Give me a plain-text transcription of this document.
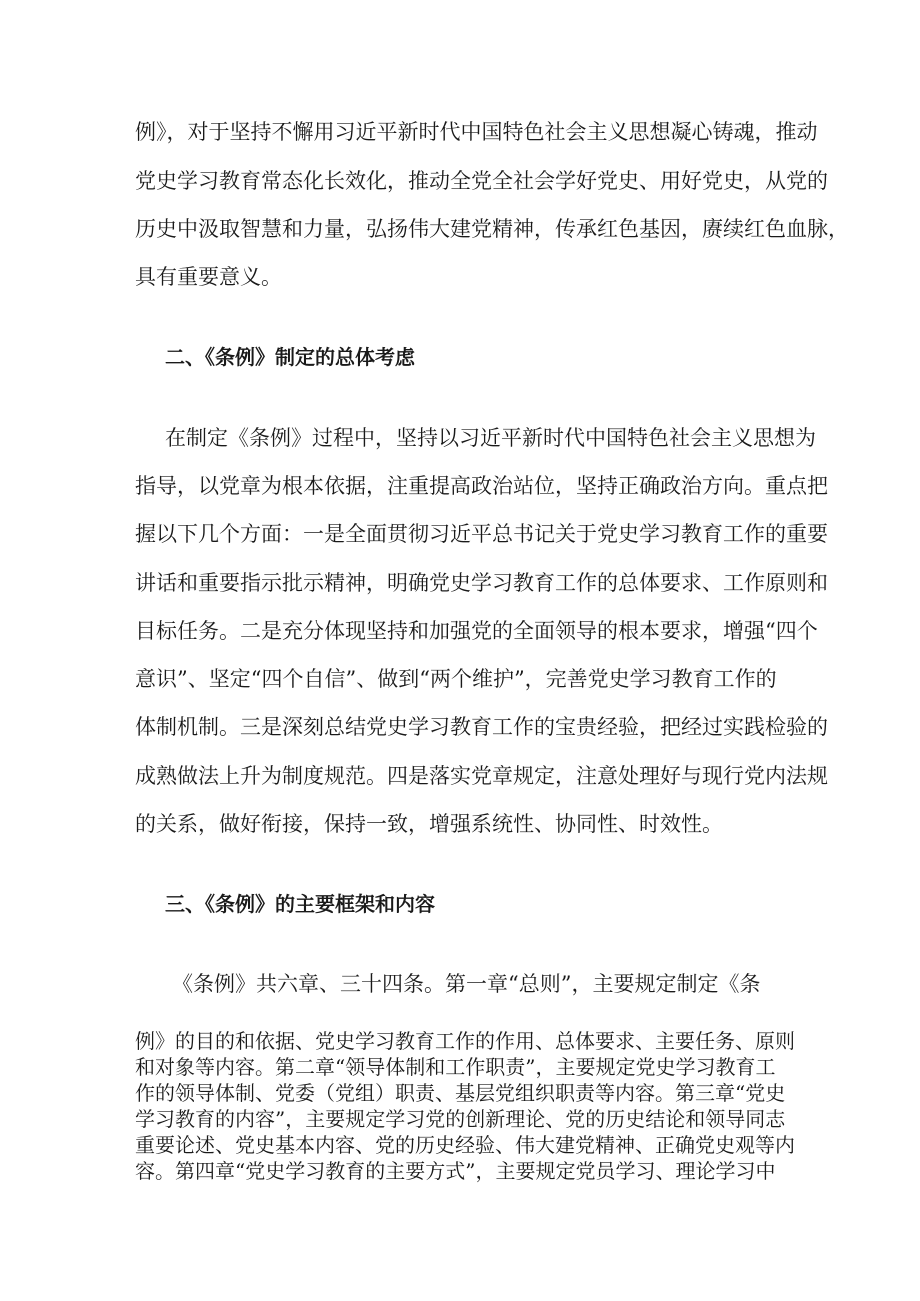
例》，对于坚持不懈用习近平新时代中国特色社会主义思想凝心铸魂，推动
党史学习教育常态化长效化，推动全党全社会学好党史、用好党史，从党的
历史中汲取智慧和力量，弘扬伟大建党精神，传承红色基因，赓续红色血脉，
具有重要意义。
二、《条例》制定的总体考虑
在制定《条例》过程中，坚持以习近平新时代中国特色社会主义思想为
指导，以党章为根本依据，注重提高政治站位，坚持正确政治方向。重点把
握以下几个方面：一是全面贯彻习近平总书记关于党史学习教育工作的重要
讲话和重要指示批示精神，明确党史学习教育工作的总体要求、工作原则和
目标任务。二是充分体现坚持和加强党的全面领导的根本要求，增强“四个
意识”、坚定“四个自信”、做到“两个维护”，完善党史学习教育工作的
体制机制。三是深刻总结党史学习教育工作的宝贵经验，把经过实践检验的
成熟做法上升为制度规范。四是落实党章规定，注意处理好与现行党内法规
的关系，做好衔接，保持一致，增强系统性、协同性、时效性。
三、《条例》的主要框架和内容
《条例》共六章、三十四条。第一章“总则”，主要规定制定《条
例》的目的和依据、党史学习教育工作的作用、总体要求、主要任务、原则
和对象等内容。第二章“领导体制和工作职责”，主要规定党史学习教育工
作的领导体制、党委（党组）职责、基层党组织职责等内容。第三章“党史
学习教育的内容”，主要规定学习党的创新理论、党的历史结论和领导同志
重要论述、党史基本内容、党的历史经验、伟大建党精神、正确党史观等内
容。第四章“党史学习教育的主要方式”，主要规定党员学习、理论学习中
